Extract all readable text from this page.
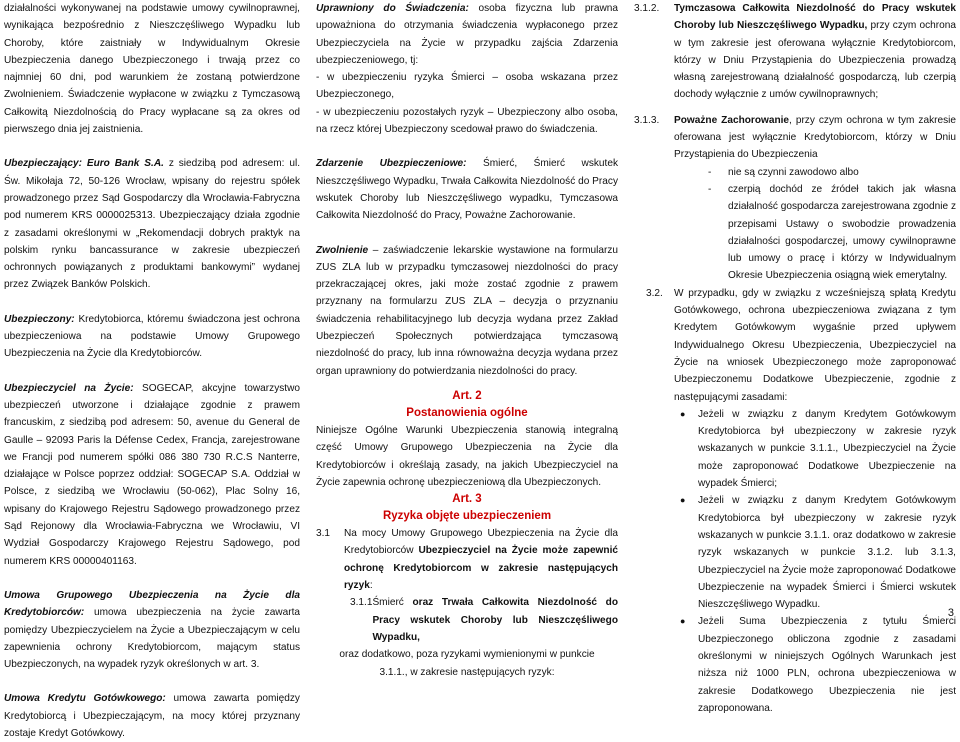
działalności wykonywanej na podstawie umowy cywilnoprawnej, wynikająca bezpośrednio z Nieszczęśliwego Wypadku lub Choroby, które zaistniały w Indywidualnym Okresie Ubezpieczenia danego Ubezpieczonego i trwają przez co najmniej 60 dni, pod warunkiem że zostaną potwierdzone Zwolnieniem. Świadczenie wypłacone w związku z Tymczasową Całkowitą Niezdolnością do Pracy wypłacane są za okres od pierwszego dnia jej zaistnienia.

Ubezpieczający: Euro Bank S.A. z siedzibą pod adresem: ul. Św. Mikołaja 72, 50-126 Wrocław, wpisany do rejestru spółek prowadzonego przez Sąd Gospodarczy dla Wrocławia-Fabryczna pod numerem KRS 0000025313. Ubezpieczający działa zgodnie z zasadami określonymi w „Rekomendacji dobrych praktyk na polskim rynku bancassurance w zakresie ubezpieczeń ochronnych powiązanych z produktami bankowymi” wydanej przez Związek Banków Polskich.

Ubezpieczony: Kredytobiorca, któremu świadczona jest ochrona ubezpieczeniowa na podstawie Umowy Grupowego Ubezpieczenia na Życie dla Kredytobiorców.

Ubezpieczyciel na Życie: SOGECAP, akcyjne towarzystwo ubezpieczeń utworzone i działające zgodnie z prawem francuskim, z siedzibą pod adresem: 50, avenue du General de Gaulle – 92093 Paris la Défense Cedex, Francja, zarejestrowane we Francji pod numerem spółki 086 380 730 R.C.S Nanterre, działające w Polsce poprzez oddział: SOGECAP S.A. Oddział w Polsce, z siedzibą we Wrocławiu (50-062), Plac Solny 16, wpisany do Krajowego Rejestru Sądowego prowadzonego przez Sąd Rejonowy dla Wrocławia-Fabryczna we Wrocławiu, VI Wydział Gospodarczy Krajowego Rejestru Sądowego, pod numerem KRS 00000401163.

Umowa Grupowego Ubezpieczenia na Życie dla Kredytobiorców: umowa ubezpieczenia na życie zawarta pomiędzy Ubezpieczycielem na Życie a Ubezpieczającym w celu zapewnienia ochrony Kredytobiorcom, mającym status Ubezpieczonych, na wypadek ryzyk określonych w art. 3.

Umowa Kredytu Gotówkowego: umowa zawarta pomiędzy Kredytobiorcą i Ubezpieczającym, na mocy której przyznany zostaje Kredyt Gotówkowy.

Uprawniony do Świadczenia: osoba fizyczna lub prawna upoważniona do otrzymania świadczenia wypłaconego przez Ubezpieczyciela na Życie w przypadku zajścia Zdarzenia ubezpieczeniowego, tj:

- w ubezpieczeniu ryzyka Śmierci – osoba wskazana przez Ubezpieczonego,

- w ubezpieczeniu pozostałych ryzyk – Ubezpieczony albo osoba, na rzecz której Ubezpieczony scedował prawo do świadczenia.

Zdarzenie Ubezpieczeniowe: Śmierć, Śmierć wskutek Nieszczęśliwego Wypadku, Trwała Całkowita Niezdolność do Pracy wskutek Choroby lub Nieszczęśliwego wypadku, Tymczasowa Całkowita Niezdolność do Pracy, Poważne Zachorowanie.

Zwolnienie – zaświadczenie lekarskie wystawione na formularzu ZUS ZLA lub w przypadku tymczasowej niezdolności do pracy przekraczającej okres, jaki może zostać zgodnie z prawem przyznany na formularzu ZUS ZLA – decyzja o przyznaniu świadczenia rehabilitacyjnego lub decyzja wydana przez Zakład Ubezpieczeń Społecznych potwierdzająca tymczasową niezdolność do pracy, lub inna równoważna decyzja wydana przez organ uprawniony do potwierdzania niezdolności do pracy.

Art. 2

Postanowienia ogólne

Niniejsze Ogólne Warunki Ubezpieczenia stanowią integralną część Umowy Grupowego Ubezpieczenia na Życie dla Kredytobiorców i określają zasady, na jakich Ubezpieczyciel na Życie zapewnia ochronę ubezpieczeniową dla Ubezpieczonych.

Art. 3

Ryzyka objęte ubezpieczeniem

3.1	Na mocy Umowy Grupowego Ubezpieczenia na Życie dla Kredytobiorców Ubezpieczyciel na Życie może zapewnić ochronę Kredytobiorcom w zakresie następujących ryzyk:
3.1.1 Śmierć oraz Trwała Całkowita Niezdolność do Pracy wskutek Choroby lub Nieszczęśliwego Wypadku,

oraz dodatkowo, poza ryzykami wymienionymi w punkcie

3.1.1., w zakresie następujących ryzyk:

3.1.2.	Tymczasowa Całkowita Niezdolność do Pracy wskutek Choroby lub Nieszczęśliwego Wypadku, przy czym ochrona w tym zakresie jest oferowana wyłącznie Kredytobiorcom, którzy w Dniu Przystąpienia do Ubezpieczenia prowadzą własną zarejestrowaną działalność gospodarczą, lub czerpią dochody wyłącznie z umów cywilnoprawnych;
3.1.3.	Poważne Zachorowanie, przy czym ochrona w tym zakresie oferowana jest wyłącznie Kredytobiorcom, którzy w Dniu Przystąpienia do Ubezpieczenia
-	nie są czynni zawodowo albo
-	czerpią dochód ze źródeł takich jak własna działalność gospodarcza zarejestrowana zgodnie z przepisami Ustawy o swobodzie prowadzenia działalności gospodarczej, umowy cywilnoprawne lub umowy o pracę i którzy w Indywidualnym Okresie Ubezpieczenia osiągną wiek emerytalny.
3.2.	W przypadku, gdy w związku z wcześniejszą spłatą Kredytu Gotówkowego, ochrona ubezpieczeniowa związana z tym Kredytem Gotówkowym wygaśnie przed upływem Indywidualnego Okresu Ubezpieczenia, Ubezpieczyciel na Życie na wniosek Ubezpieczonego może zaproponować Ubezpieczonemu Dodatkowe Ubezpieczenie, zgodnie z następującymi zasadami:
●	Jeżeli w związku z danym Kredytem Gotówkowym Kredytobiorca był ubezpieczony w zakresie ryzyk wskazanych w punkcie 3.1.1., Ubezpieczyciel na Życie może zaproponować Dodatkowe Ubezpieczenie na wypadek Śmierci;
●	Jeżeli w związku z danym Kredytem Gotówkowym Kredytobiorca był ubezpieczony w zakresie ryzyk wskazanych w punkcie 3.1.1. oraz dodatkowo w zakresie ryzyk wskazanych w punkcie 3.1.2. lub 3.1.3, Ubezpieczyciel na Życie może zaproponować Dodatkowe Ubezpieczenie na wypadek Śmierci i Śmierci wskutek Nieszczęśliwego Wypadku.
●	Jeżeli Suma Ubezpieczenia z tytułu Śmierci Ubezpieczonego obliczona zgodnie z zasadami określonymi w niniejszych Ogólnych Warunkach jest niższa niż 1000 PLN, ochrona ubezpieczeniowa w zakresie Dodatkowego Ubezpieczenia nie jest zaproponowana.
3
